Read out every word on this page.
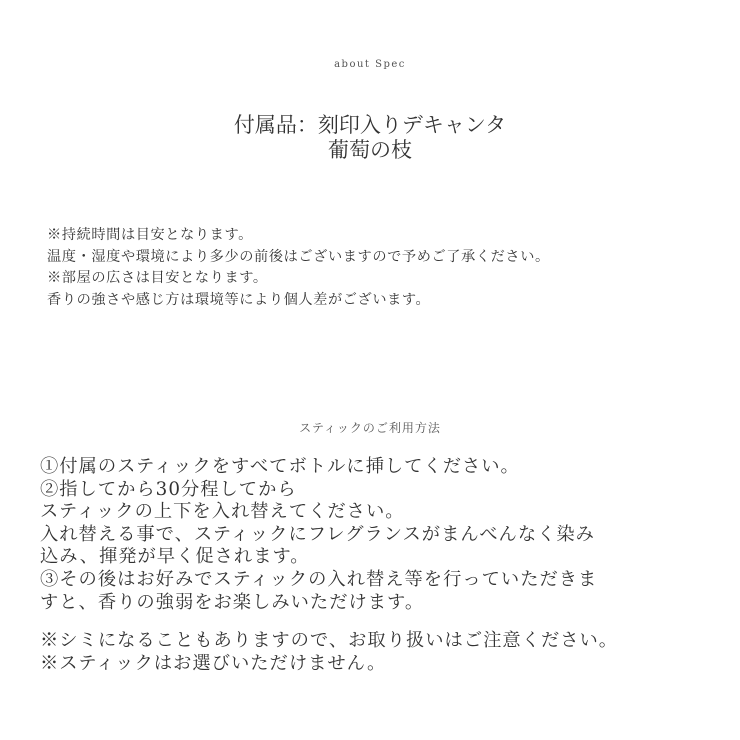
about Spec
付属品：刻印入りデキャンタ
葡萄の枝
※持続時間は目安となります。
温度・湿度や環境により多少の前後はございますので予めご了承ください。
※部屋の広さは目安となります。
香りの強さや感じ方は環境等により個人差がございます。
スティックのご利用方法
①付属のスティックをすべてボトルに挿してください。
②指してから30分程してから
スティックの上下を入れ替えてください。
入れ替える事で、スティックにフレグランスがまんべんなく染み
込み、揮発が早く促されます。
③その後はお好みでスティックの入れ替え等を行っていただきま
すと、香りの強弱をお楽しみいただけます。
※シミになることもありますので、お取り扱いはご注意ください。
※スティックはお選びいただけません。
